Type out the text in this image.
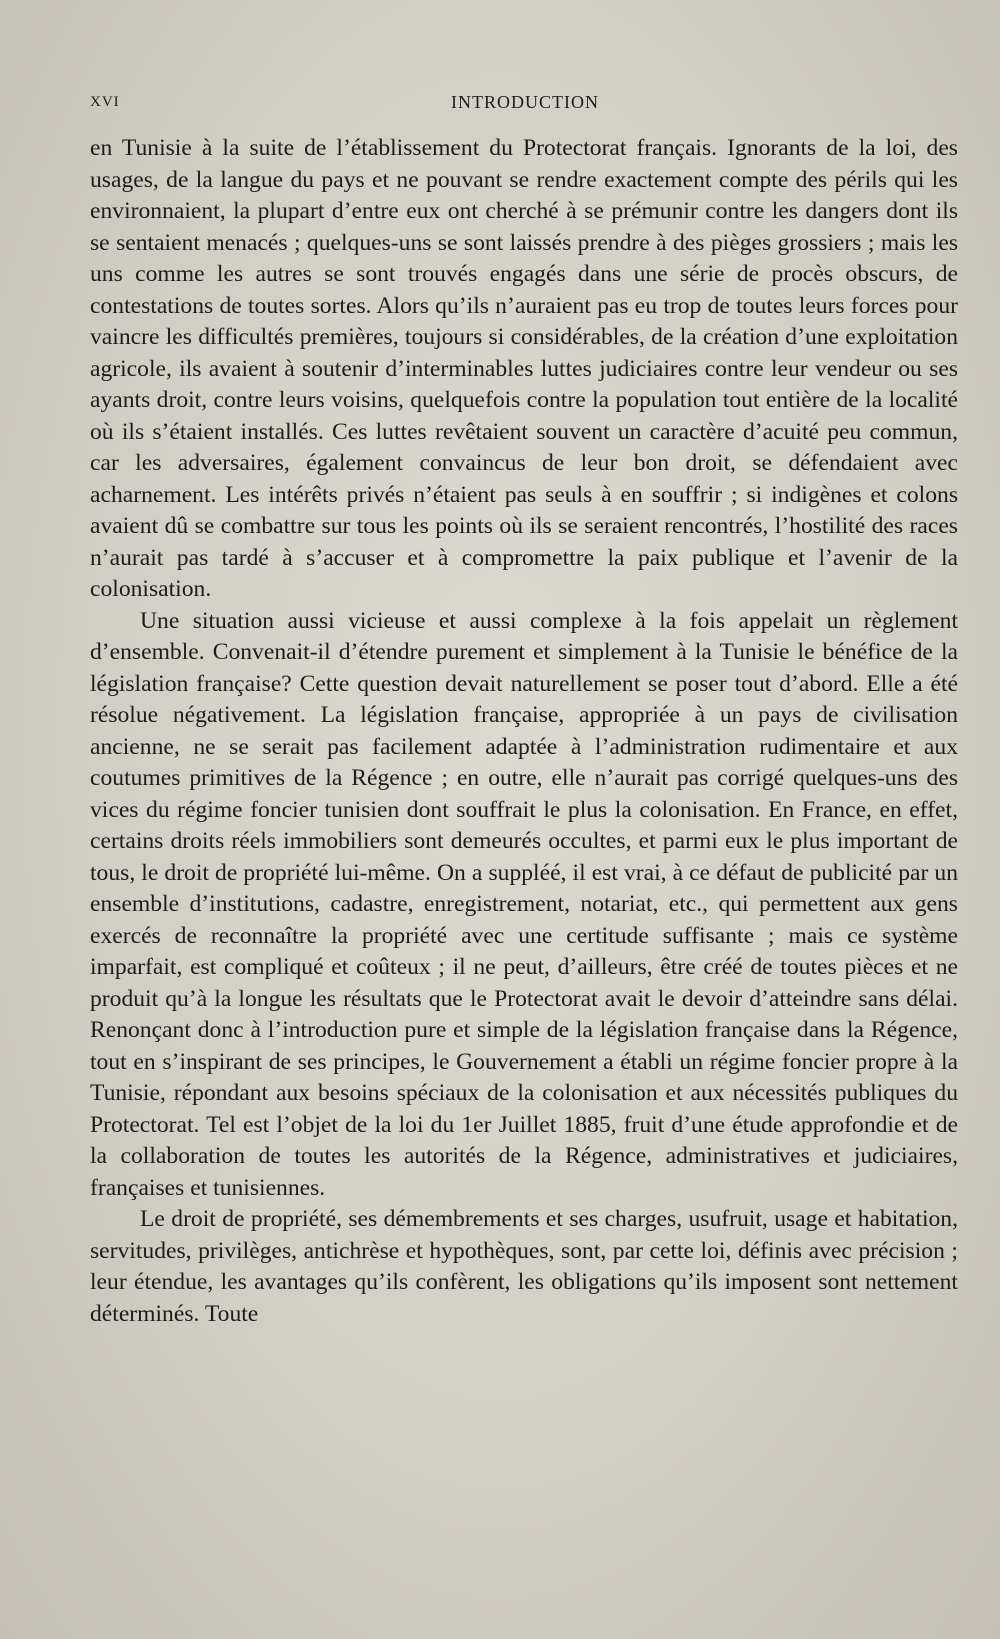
XVI	INTRODUCTION

en Tunisie à la suite de l’établissement du Protectorat français. Ignorants de la loi, des usages, de la langue du pays et ne pouvant se rendre exactement compte des périls qui les environnaient, la plupart d’entre eux ont cherché à se prémunir contre les dangers dont ils se sentaient menacés ; quelques-uns se sont laissés prendre à des pièges grossiers ; mais les uns comme les autres se sont trouvés engagés dans une série de procès obscurs, de contestations de toutes sortes. Alors qu’ils n’auraient pas eu trop de toutes leurs forces pour vaincre les difficultés premières, toujours si considérables, de la création d’une exploitation agricole, ils avaient à soutenir d’interminables luttes judiciaires contre leur vendeur ou ses ayants droit, contre leurs voisins, quelquefois contre la population tout entière de la localité où ils s’étaient installés. Ces luttes revêtaient souvent un caractère d’acuité peu commun, car les adversaires, également convaincus de leur bon droit, se défendaient avec acharnement. Les intérêts privés n’étaient pas seuls à en souffrir ; si indigènes et colons avaient dû se combattre sur tous les points où ils se seraient rencontrés, l’hostilité des races n’aurait pas tardé à s’accuser et à compromettre la paix publique et l’avenir de la colonisation.

Une situation aussi vicieuse et aussi complexe à la fois appelait un règlement d’ensemble. Convenait-il d’étendre purement et simplement à la Tunisie le bénéfice de la législation française? Cette question devait naturellement se poser tout d’abord. Elle a été résolue négativement. La législation française, appropriée à un pays de civilisation ancienne, ne se serait pas facilement adaptée à l’administration rudimentaire et aux coutumes primitives de la Régence ; en outre, elle n’aurait pas corrigé quelques-uns des vices du régime foncier tunisien dont souffrait le plus la colonisation. En France, en effet, certains droits réels immobiliers sont demeurés occultes, et parmi eux le plus important de tous, le droit de propriété lui-même. On a suppléé, il est vrai, à ce défaut de publicité par un ensemble d’institutions, cadastre, enregistrement, notariat, etc., qui permettent aux gens exercés de reconnaître la propriété avec une certitude suffisante ; mais ce système imparfait, est compliqué et coûteux ; il ne peut, d’ailleurs, être créé de toutes pièces et ne produit qu’à la longue les résultats que le Protectorat avait le devoir d’atteindre sans délai. Renonçant donc à l’introduction pure et simple de la législation française dans la Régence, tout en s’inspirant de ses principes, le Gouvernement a établi un régime foncier propre à la Tunisie, répondant aux besoins spéciaux de la colonisation et aux nécessités publiques du Protectorat. Tel est l’objet de la loi du 1er Juillet 1885, fruit d’une étude approfondie et de la collaboration de toutes les autorités de la Régence, administratives et judiciaires, françaises et tunisiennes.

Le droit de propriété, ses démembrements et ses charges, usufruit, usage et habitation, servitudes, privilèges, antichrèse et hypothèques, sont, par cette loi, définis avec précision ; leur étendue, les avantages qu’ils confèrent, les obligations qu’ils imposent sont nettement déterminés. Toute
